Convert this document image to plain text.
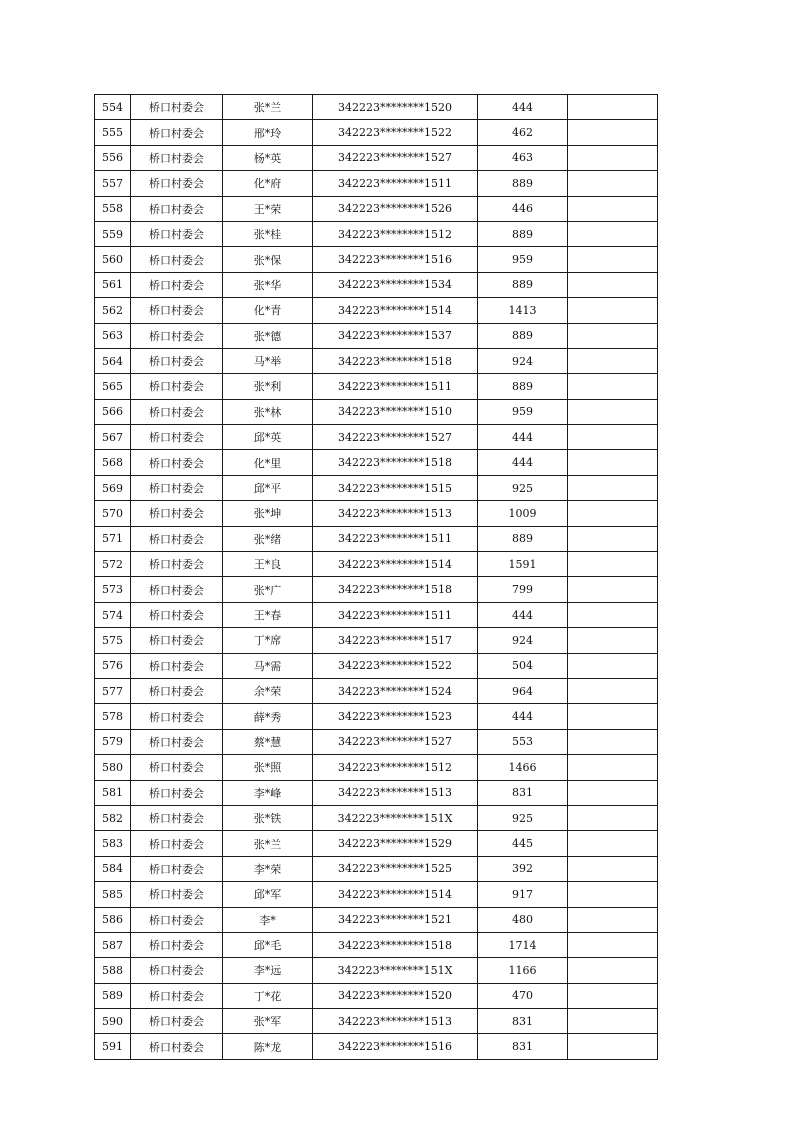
554	桥口村委会	张*兰	342223********1520	444	
555	桥口村委会	邢*玲	342223********1522	462	
556	桥口村委会	杨*英	342223********1527	463	
557	桥口村委会	化*府	342223********1511	889	
558	桥口村委会	王*荣	342223********1526	446	
559	桥口村委会	张*桂	342223********1512	889	
560	桥口村委会	张*保	342223********1516	959	
561	桥口村委会	张*华	342223********1534	889	
562	桥口村委会	化*青	342223********1514	1413	
563	桥口村委会	张*德	342223********1537	889	
564	桥口村委会	马*举	342223********1518	924	
565	桥口村委会	张*利	342223********1511	889	
566	桥口村委会	张*林	342223********1510	959	
567	桥口村委会	邱*英	342223********1527	444	
568	桥口村委会	化*里	342223********1518	444	
569	桥口村委会	邱*平	342223********1515	925	
570	桥口村委会	张*坤	342223********1513	1009	
571	桥口村委会	张*绪	342223********1511	889	
572	桥口村委会	王*良	342223********1514	1591	
573	桥口村委会	张*广	342223********1518	799	
574	桥口村委会	王*春	342223********1511	444	
575	桥口村委会	丁*席	342223********1517	924	
576	桥口村委会	马*需	342223********1522	504	
577	桥口村委会	余*荣	342223********1524	964	
578	桥口村委会	薛*秀	342223********1523	444	
579	桥口村委会	蔡*慧	342223********1527	553	
580	桥口村委会	张*照	342223********1512	1466	
581	桥口村委会	李*峰	342223********1513	831	
582	桥口村委会	张*铁	342223********151X	925	
583	桥口村委会	张*兰	342223********1529	445	
584	桥口村委会	李*荣	342223********1525	392	
585	桥口村委会	邱*军	342223********1514	917	
586	桥口村委会	李*	342223********1521	480	
587	桥口村委会	邱*毛	342223********1518	1714	
588	桥口村委会	李*远	342223********151X	1166	
589	桥口村委会	丁*花	342223********1520	470	
590	桥口村委会	张*军	342223********1513	831	
591	桥口村委会	陈*龙	342223********1516	831	
